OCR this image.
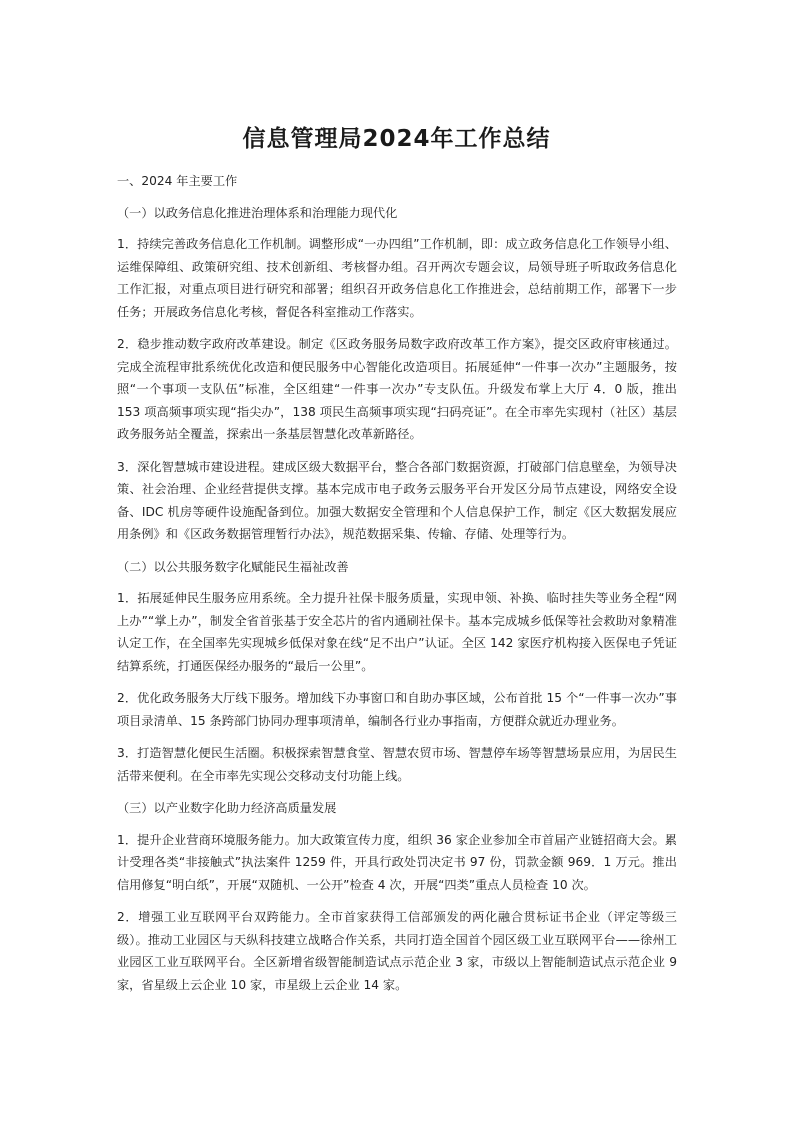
信息管理局2024年工作总结
一、2024 年主要工作
（一）以政务信息化推进治理体系和治理能力现代化
1．持续完善政务信息化工作机制。调整形成“一办四组”工作机制，即：成立政务信息化工作领导小组、运维保障组、政策研究组、技术创新组、考核督办组。召开两次专题会议，局领导班子听取政务信息化工作汇报，对重点项目进行研究和部署；组织召开政务信息化工作推进会，总结前期工作，部署下一步任务；开展政务信息化考核，督促各科室推动工作落实。
2．稳步推动数字政府改革建设。制定《区政务服务局数字政府改革工作方案》，提交区政府审核通过。完成全流程审批系统优化改造和便民服务中心智能化改造项目。拓展延伸“一件事一次办”主题服务，按照“一个事项一支队伍”标准，全区组建“一件事一次办”专支队伍。升级发布掌上大厅 4．0 版，推出 153 项高频事项实现“指尖办”，138 项民生高频事项实现“扫码亮证”。在全市率先实现村（社区）基层政务服务站全覆盖，探索出一条基层智慧化改革新路径。
3．深化智慧城市建设进程。建成区级大数据平台，整合各部门数据资源，打破部门信息壁垒，为领导决策、社会治理、企业经营提供支撑。基本完成市电子政务云服务平台开发区分局节点建设，网络安全设备、IDC 机房等硬件设施配备到位。加强大数据安全管理和个人信息保护工作，制定《区大数据发展应用条例》和《区政务数据管理暂行办法》，规范数据采集、传输、存储、处理等行为。
（二）以公共服务数字化赋能民生福祉改善
1．拓展延伸民生服务应用系统。全力提升社保卡服务质量，实现申领、补换、临时挂失等业务全程“网上办”“掌上办”，制发全省首张基于安全芯片的省内通刷社保卡。基本完成城乡低保等社会救助对象精准认定工作，在全国率先实现城乡低保对象在线“足不出户”认证。全区 142 家医疗机构接入医保电子凭证结算系统，打通医保经办服务的“最后一公里”。
2．优化政务服务大厅线下服务。增加线下办事窗口和自助办事区域，公布首批 15 个“一件事一次办”事项目录清单、15 条跨部门协同办理事项清单，编制各行业办事指南，方便群众就近办理业务。
3．打造智慧化便民生活圈。积极探索智慧食堂、智慧农贸市场、智慧停车场等智慧场景应用，为居民生活带来便利。在全市率先实现公交移动支付功能上线。
（三）以产业数字化助力经济高质量发展
1．提升企业营商环境服务能力。加大政策宣传力度，组织 36 家企业参加全市首届产业链招商大会。累计受理各类“非接触式”执法案件 1259 件，开具行政处罚决定书 97 份，罚款金额 969．1 万元。推出信用修复“明白纸”，开展“双随机、一公开”检查 4 次，开展“四类”重点人员检查 10 次。
2．增强工业互联网平台双跨能力。全市首家获得工信部颁发的两化融合贯标证书企业（评定等级三级）。推动工业园区与天纵科技建立战略合作关系，共同打造全国首个园区级工业互联网平台——徐州工业园区工业互联网平台。全区新增省级智能制造试点示范企业 3 家，市级以上智能制造试点示范企业 9 家，省星级上云企业 10 家，市星级上云企业 14 家。
